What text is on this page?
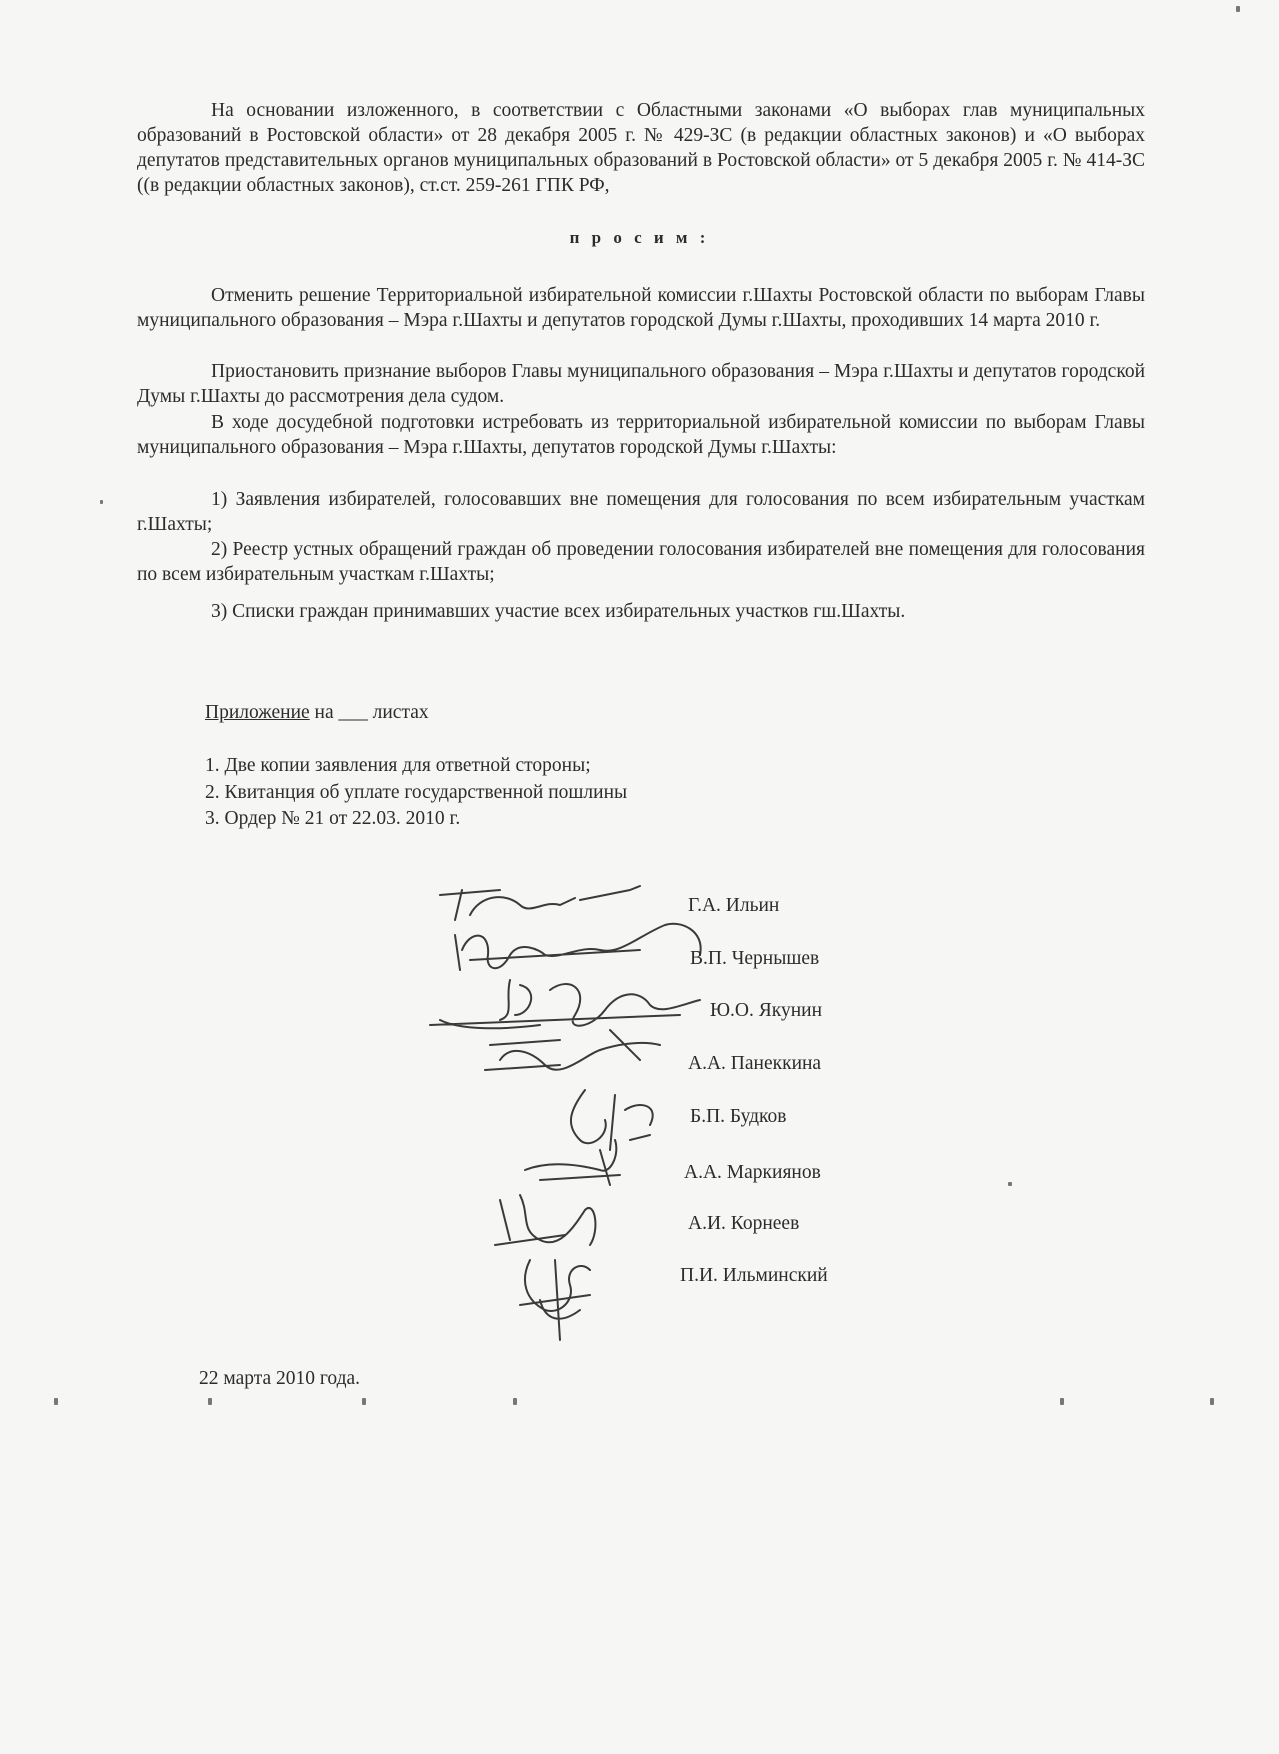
На основании изложенного, в соответствии с Областными законами «О выборах глав муниципальных образований в Ростовской области» от 28 декабря 2005 г. № 429-ЗС (в редакции областных законов) и «О выборах депутатов представительных органов муниципальных образований в Ростовской области» от 5 декабря 2005 г. № 414-ЗС ((в редакции областных законов), ст.ст. 259-261 ГПК РФ,

п р о с и м :

Отменить решение Территориальной избирательной комиссии г.Шахты Ростовской области по выборам Главы муниципального образования – Мэра г.Шахты и депутатов городской Думы г.Шахты, проходивших 14 марта 2010 г.

Приостановить признание выборов Главы муниципального образования – Мэра г.Шахты и депутатов городской Думы г.Шахты до рассмотрения дела судом.

В ходе досудебной подготовки истребовать из территориальной избирательной комиссии по выборам Главы муниципального образования – Мэра г.Шахты, депутатов городской Думы г.Шахты:

1) Заявления избирателей, голосовавших вне помещения для голосования по всем избирательным участкам г.Шахты;

2) Реестр устных обращений граждан об проведении голосования избирателей вне помещения для голосования по всем избирательным участкам г.Шахты;

3) Списки граждан принимавших участие всех избирательных участков гш.Шахты.

Приложение на ___ листах

1. Две копии заявления для ответной стороны;

2. Квитанция об уплате государственной пошлины

3. Ордер № 21 от 22.03. 2010 г.

Г.А. Ильин
В.П. Чернышев
Ю.О. Якунин
А.А. Панеккина
Б.П. Будков
А.А. Маркиянов
А.И. Корнеев
П.И. Ильминский

22 марта 2010 года.
